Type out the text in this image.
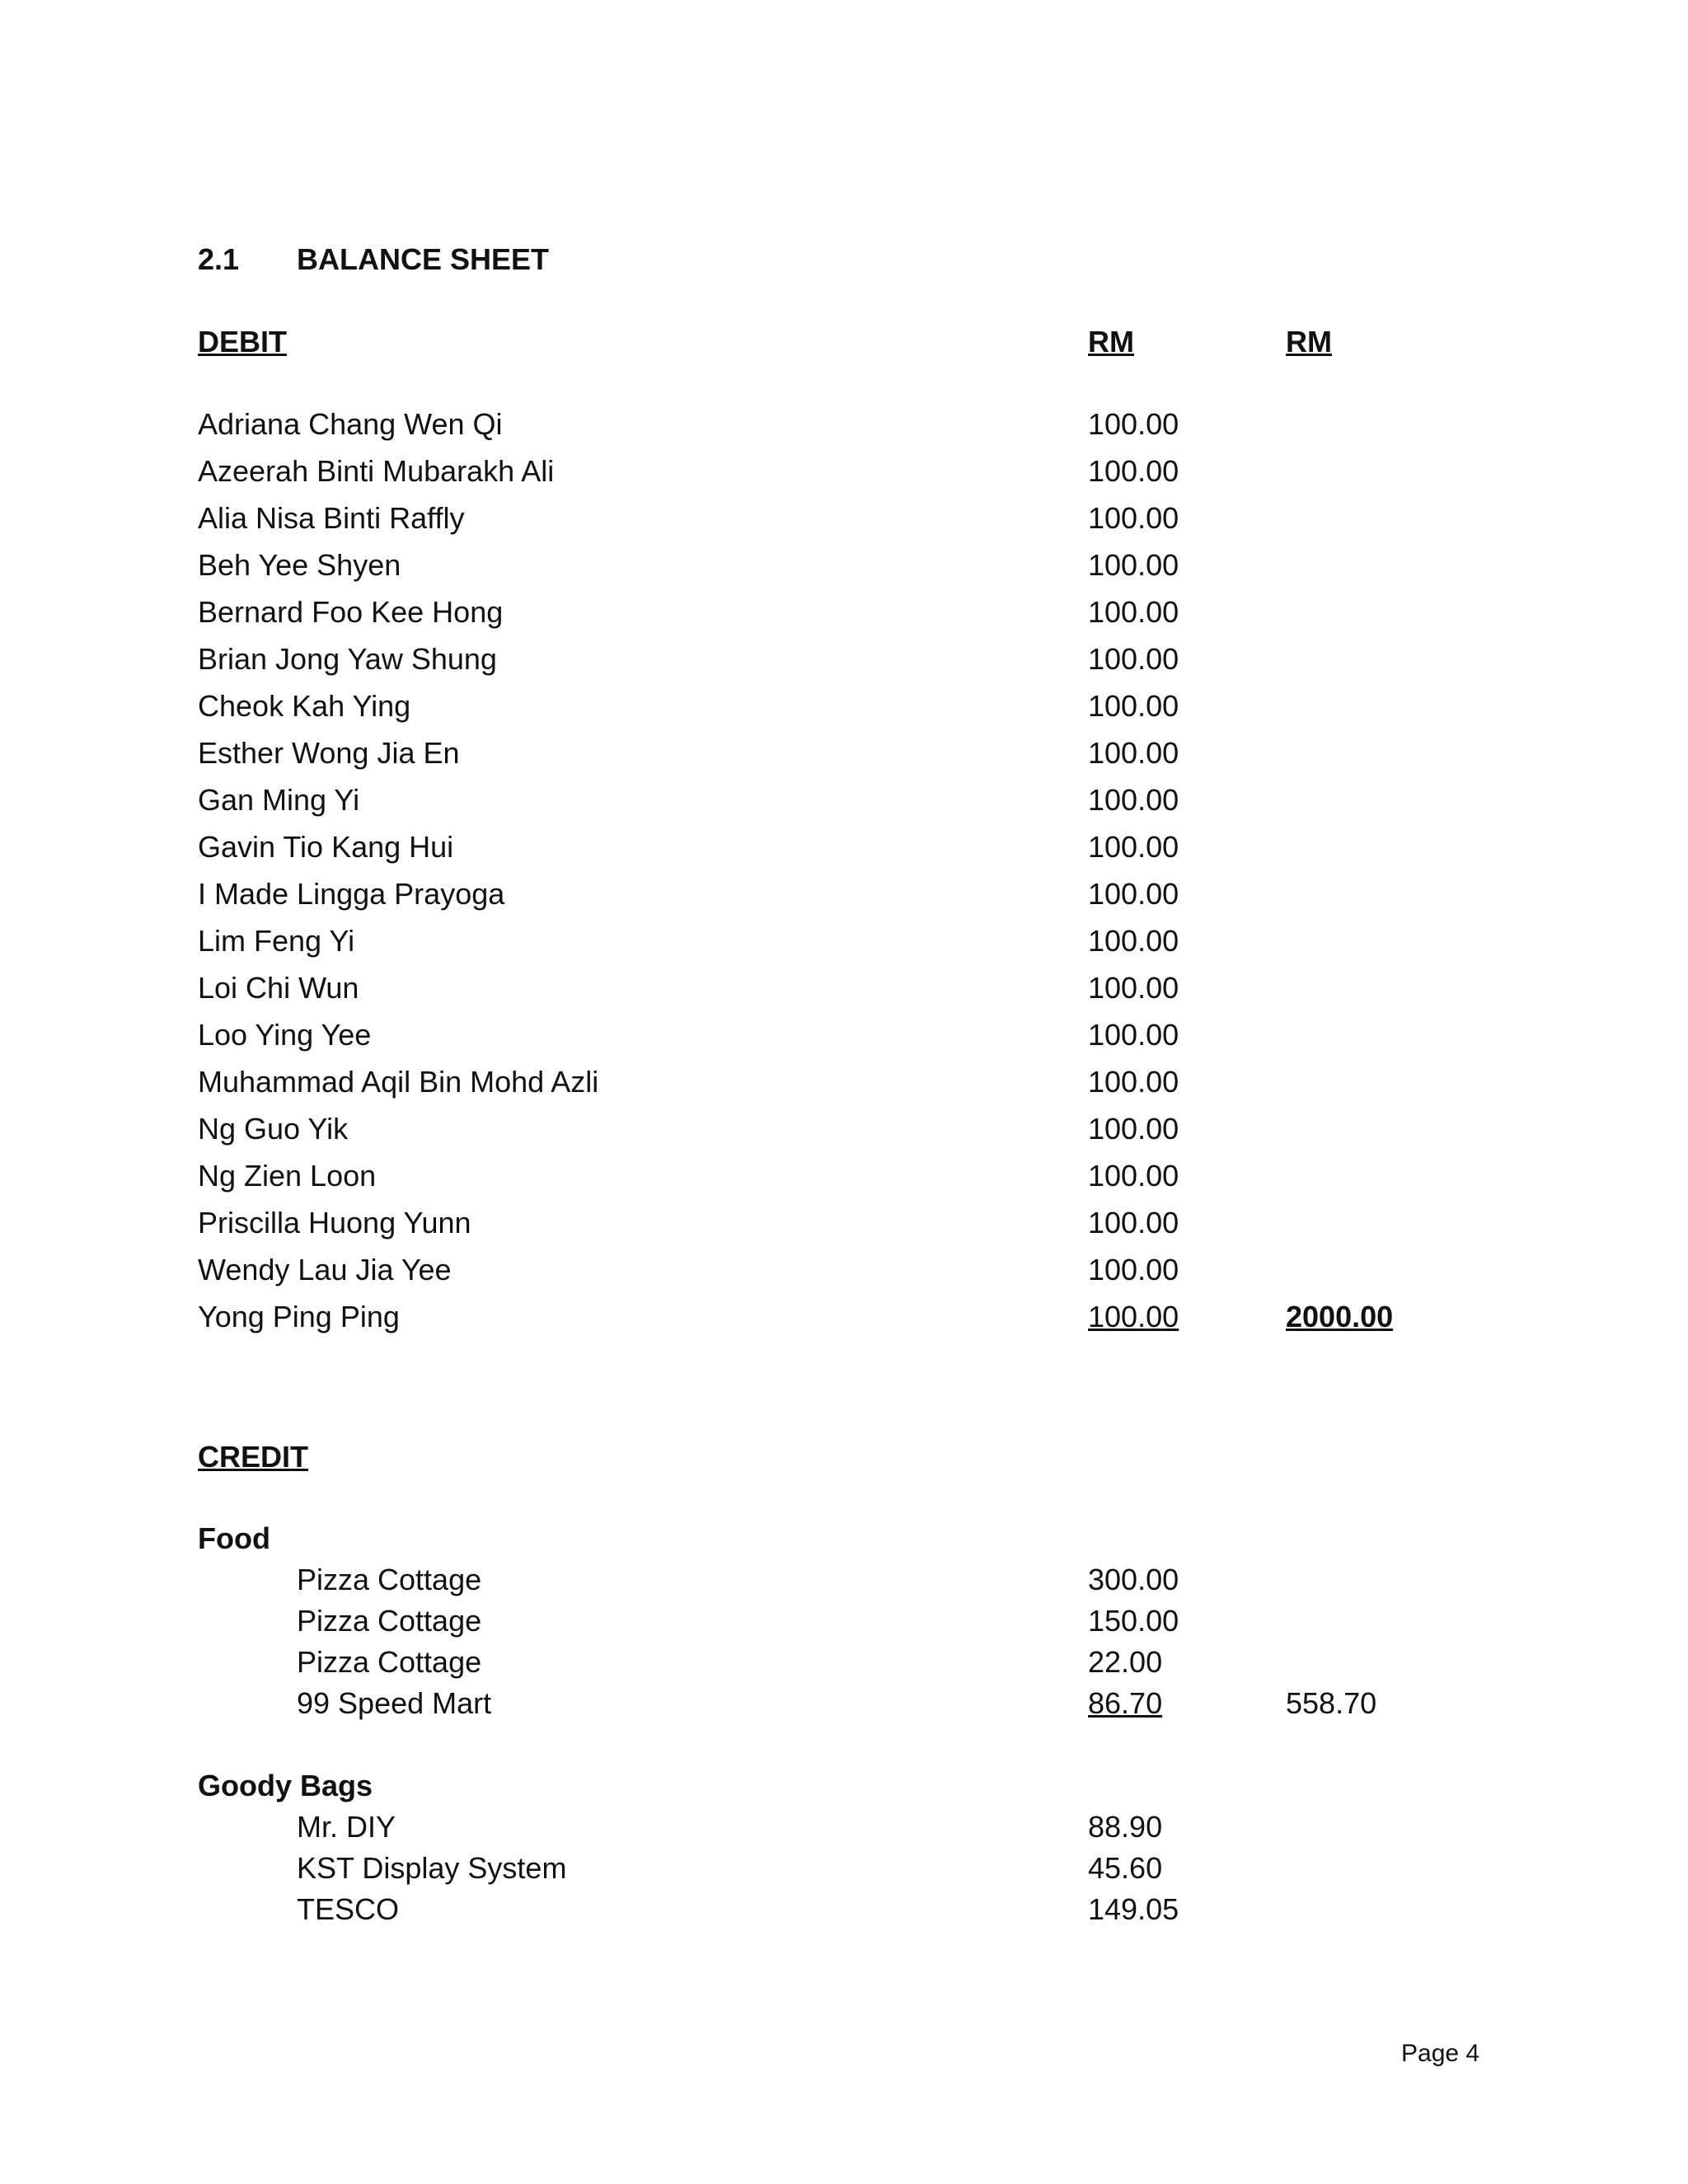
2.1 BALANCE SHEET
DEBIT	RM	RM
Adriana Chang Wen Qi	100.00
Azeerah Binti Mubarakh Ali	100.00
Alia Nisa Binti Raffly	100.00
Beh Yee Shyen	100.00
Bernard Foo Kee Hong	100.00
Brian Jong Yaw Shung	100.00
Cheok Kah Ying	100.00
Esther Wong Jia En	100.00
Gan Ming Yi	100.00
Gavin Tio Kang Hui	100.00
I Made Lingga Prayoga	100.00
Lim Feng Yi	100.00
Loi Chi Wun	100.00
Loo Ying Yee	100.00
Muhammad Aqil Bin Mohd Azli	100.00
Ng Guo Yik	100.00
Ng Zien Loon	100.00
Priscilla Huong Yunn	100.00
Wendy Lau Jia Yee	100.00
Yong Ping Ping	100.00	2000.00
CREDIT
Food
Pizza Cottage	300.00
Pizza Cottage	150.00
Pizza Cottage	22.00
99 Speed Mart	86.70	558.70
Goody Bags
Mr. DIY	88.90
KST Display System	45.60
TESCO	149.05
Page 4
